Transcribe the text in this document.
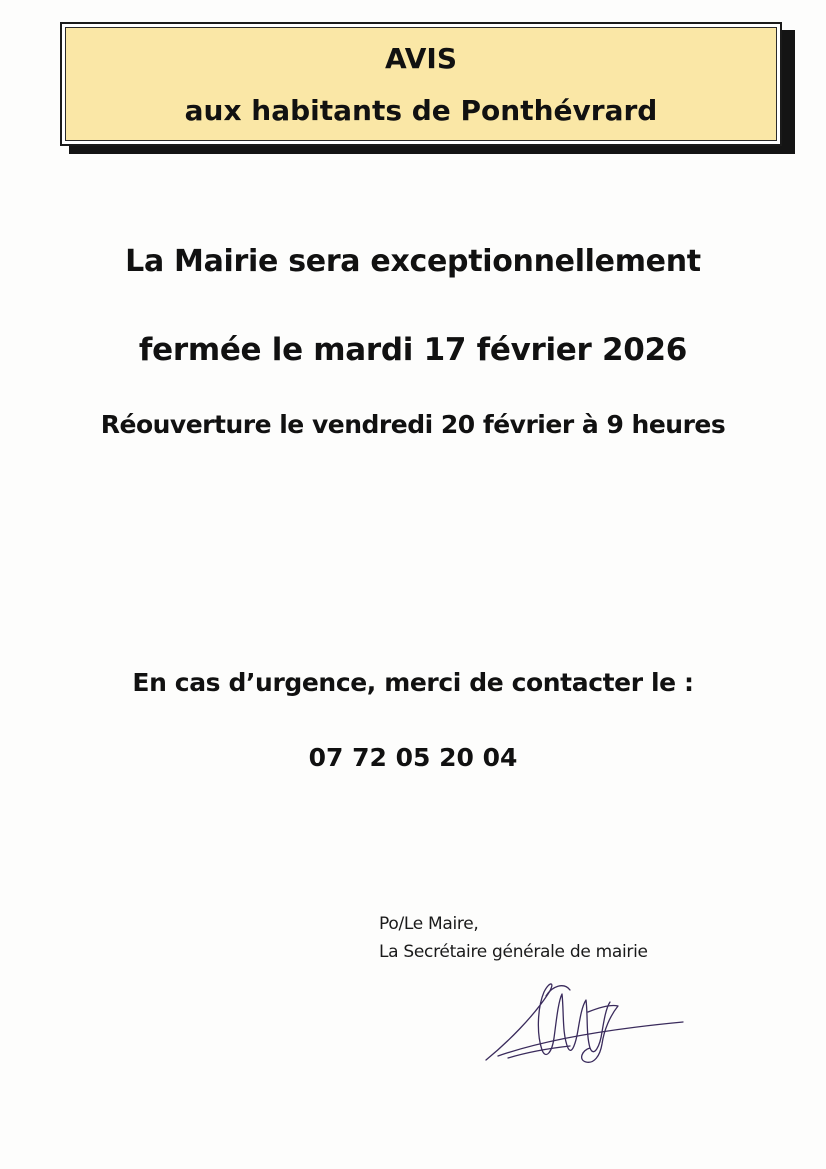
AVIS
aux habitants de Ponthévrard
La Mairie sera exceptionnellement
fermée le mardi 17 février 2026
Réouverture le vendredi 20 février à 9 heures
En cas d’urgence, merci de contacter le :
07 72 05 20 04
Po/Le Maire,
La Secrétaire générale de mairie
